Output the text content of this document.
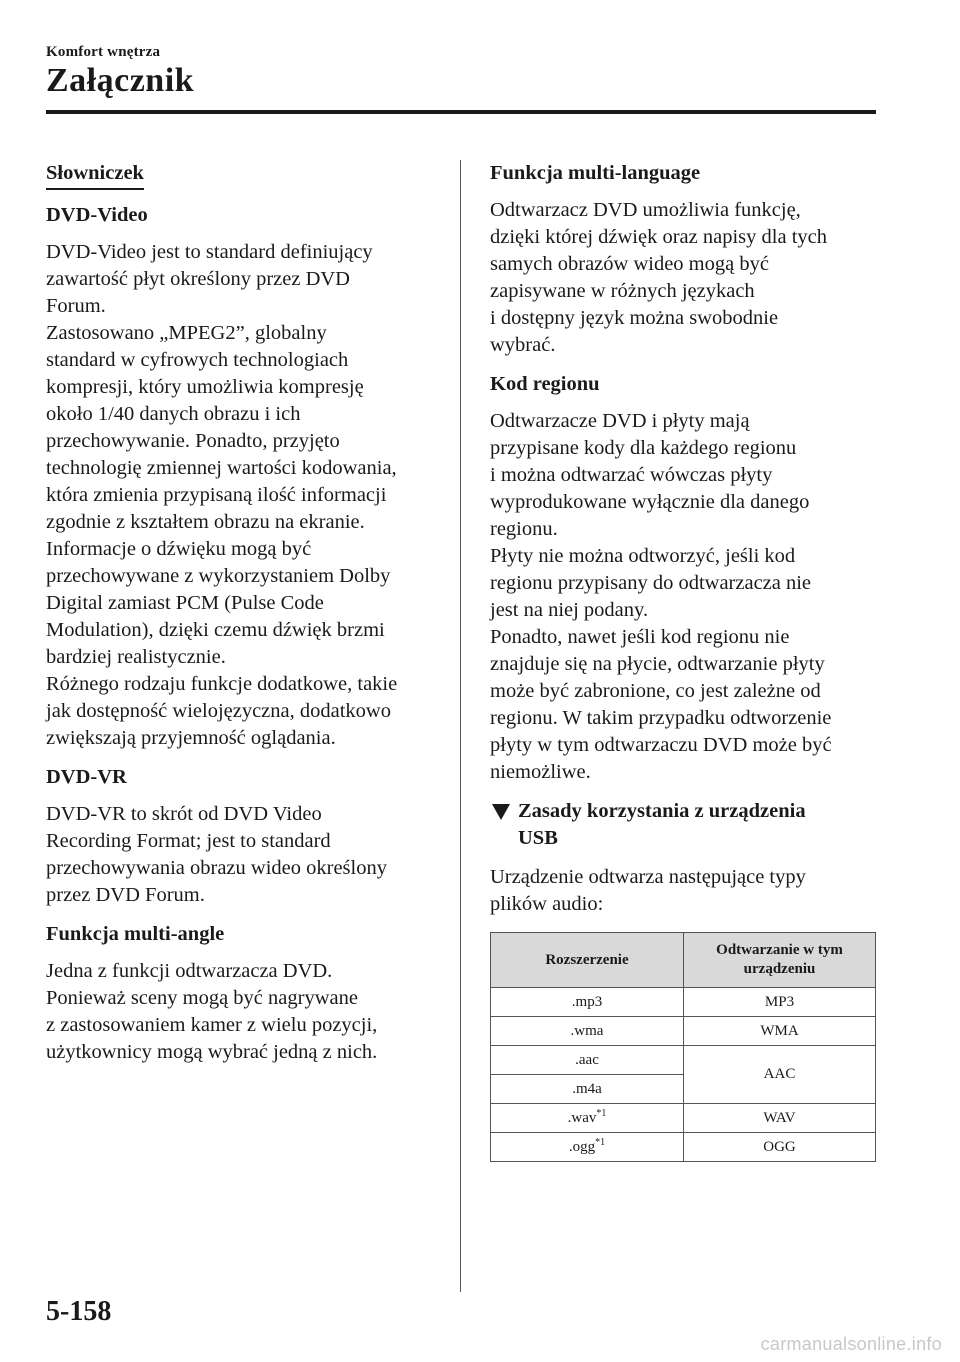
Komfort wnętrza
Załącznik
Słowniczek
DVD-Video

DVD-Video jest to standard definiujący

zawartość płyt określony przez DVD

Forum.

Zastosowano „MPEG2”, globalny

standard w cyfrowych technologiach

kompresji, który umożliwia kompresję

około 1/40 danych obrazu i ich

przechowywanie. Ponadto, przyjęto

technologię zmiennej wartości kodowania,

która zmienia przypisaną ilość informacji

zgodnie z kształtem obrazu na ekranie.

Informacje o dźwięku mogą być

przechowywane z wykorzystaniem Dolby

Digital zamiast PCM (Pulse Code

Modulation), dzięki czemu dźwięk brzmi

bardziej realistycznie.

Różnego rodzaju funkcje dodatkowe, takie

jak dostępność wielojęzyczna, dodatkowo

zwiększają przyjemność oglądania.

DVD-VR

DVD-VR to skrót od DVD Video

Recording Format; jest to standard

przechowywania obrazu wideo określony

przez DVD Forum.

Funkcja multi-angle

Jedna z funkcji odtwarzacza DVD.

Ponieważ sceny mogą być nagrywane

z zastosowaniem kamer z wielu pozycji,

użytkownicy mogą wybrać jedną z nich.

Funkcja multi-language

Odtwarzacz DVD umożliwia funkcję,

dzięki której dźwięk oraz napisy dla tych

samych obrazów wideo mogą być

zapisywane w różnych językach

i dostępny język można swobodnie

wybrać.

Kod regionu

Odtwarzacze DVD i płyty mają

przypisane kody dla każdego regionu

i można odtwarzać wówczas płyty

wyprodukowane wyłącznie dla danego

regionu.

Płyty nie można odtworzyć, jeśli kod

regionu przypisany do odtwarzacza nie

jest na niej podany.

Ponadto, nawet jeśli kod regionu nie

znajduje się na płycie, odtwarzanie płyty

może być zabronione, co jest zależne od

regionu. W takim przypadku odtworzenie

płyty w tym odtwarzaczu DVD może być

niemożliwe.

Zasady korzystania z urządzenia
USB

Urządzenie odtwarza następujące typy

plików audio:

Rozszerzenie	Odtwarzanie w tym
urządzeniu
.mp3	MP3
.wma	WMA
.aac	AAC
.m4a	
.wav$^{*1}$	WAV
.ogg$^{*1}$	OGG
5-158
carmanualsonline.info
